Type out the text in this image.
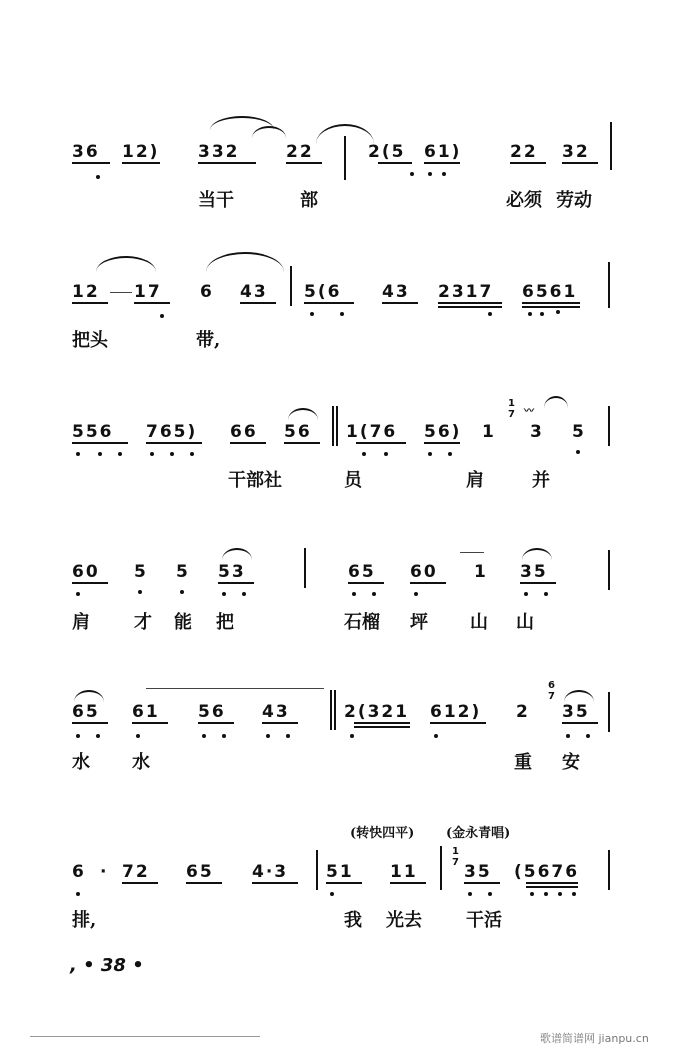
36 12) 332	22	2(5 61)	22 32
当干	部	必须 劳动
12 17 6 43 5(6 43 2317 6561
把头	带,
556 765) 66 56 1(76 56) 1 3 5
1
7 〰
干部社	员	肩	并
60 5 5 53	65 60 1 35
肩 才 能 把	石榴 坪 山 山
65 61 56 43	2(321 612) 2 35
6
7
水 水	重 安
(转快四平) (金永青唱)
6 · 72 65 4·3 51 11	35 (5676
1
7
排,	我 光去 干活
, • 38 •
歌谱简谱网 jianpu.cn
